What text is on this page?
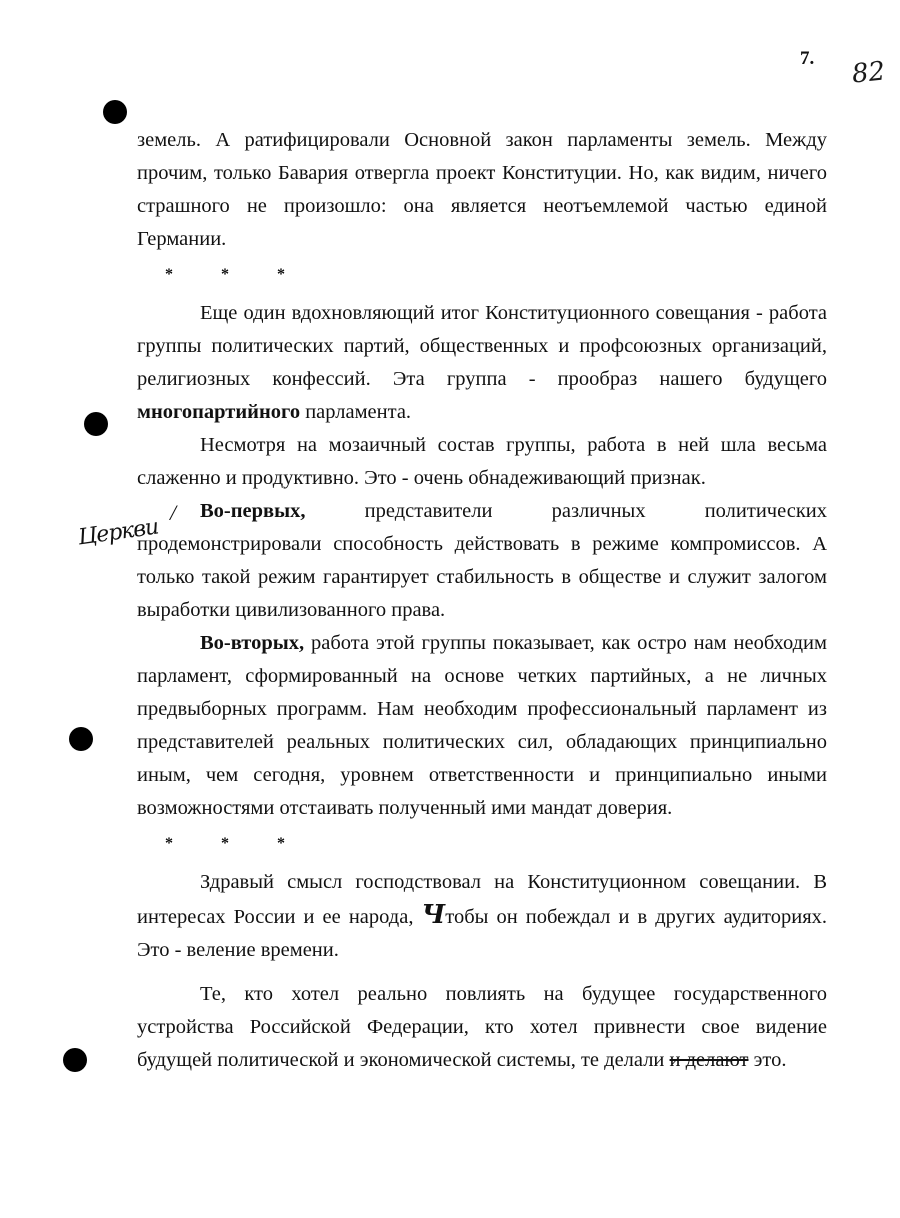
7. 82
Церкви
/

земель. А ратифицировали Основной закон парламенты земель. Между прочим, только Бавария отвергла проект Конституции. Но, как видим, ничего страшного не произошло: она является неотъемлемой частью единой Германии.

* * *

Еще один вдохновляющий итог Конституционного совещания - работа группы политических партий, общественных и профсоюзных организаций, религиозных конфессий. Эта группа - прообраз нашего будущего многопартийного парламента.

Несмотря на мозаичный состав группы, работа в ней шла весьма слаженно и продуктивно. Это - очень обнадеживающий признак.

Во-первых, представители различных политических продемонстрировали способность действовать в режиме компромиссов. А только такой режим гарантирует стабильность в обществе и служит залогом выработки цивилизованного права.

Во-вторых, работа этой группы показывает, как остро нам необходим парламент, сформированный на основе четких партийных, а не личных предвыборных программ. Нам необходим профессиональный парламент из представителей реальных политических сил, обладающих принципиально иным, чем сегодня, уровнем ответственности и принципиально иными возможностями отстаивать полученный ими мандат доверия.

* * *

Здравый смысл господствовал на Конституционном совещании. В интересах России и ее народа, Чтобы он побеждал и в других аудиториях. Это - веление времени.

Те, кто хотел реально повлиять на будущее государственного устройства Российской Федерации, кто хотел привнести свое видение будущей политической и экономической системы, те делали и делают это.
